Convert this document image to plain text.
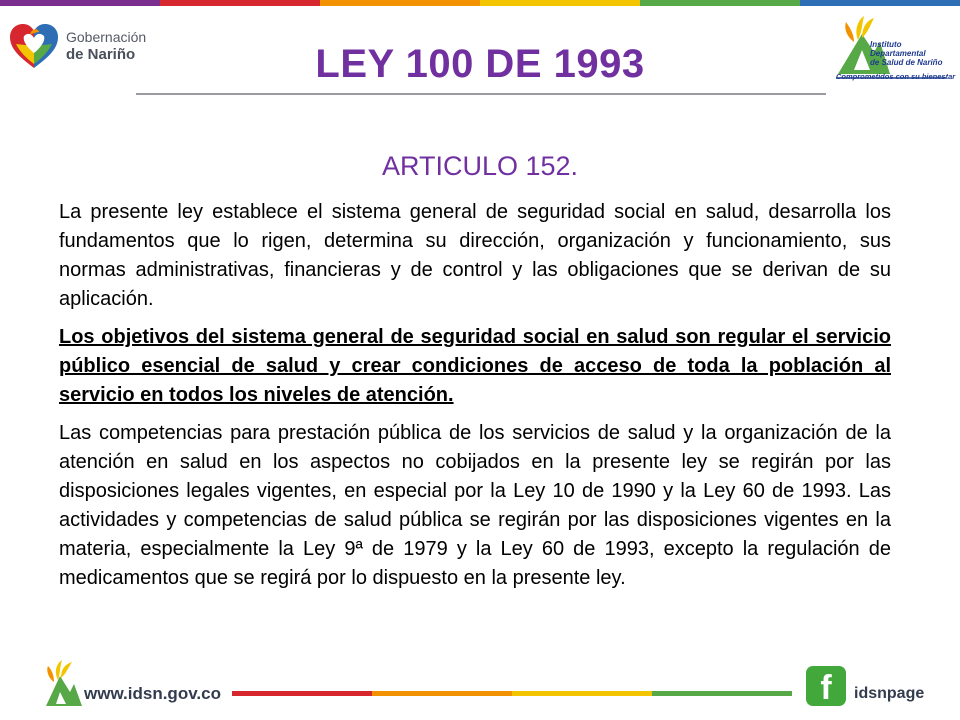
Gobernación
de Nariño
Instituto
Departamental
de Salud de Nariño
Comprometidos con su bienestar
LEY 100 DE 1993
ARTICULO 152.

La presente ley establece el sistema general de seguridad social en salud, desarrolla los fundamentos que lo rigen, determina su dirección, organización y funcionamiento, sus normas administrativas, financieras y de control y las obligaciones que se derivan de su aplicación.

Los objetivos del sistema general de seguridad social en salud son regular el servicio público esencial de salud y crear condiciones de acceso de toda la población al servicio en todos los niveles de atención.

Las competencias para prestación pública de los servicios de salud y la organización de la atención en salud en los aspectos no cobijados en la presente ley se regirán por las disposiciones legales vigentes, en especial por la Ley 10 de 1990 y la Ley 60 de 1993. Las actividades y competencias de salud pública se regirán por las disposiciones vigentes en la materia, especialmente la Ley 9ª de 1979 y la Ley 60 de 1993, excepto la regulación de medicamentos que se regirá por lo dispuesto en la presente ley.

www.idsn.gov.co	f	idsnpage
